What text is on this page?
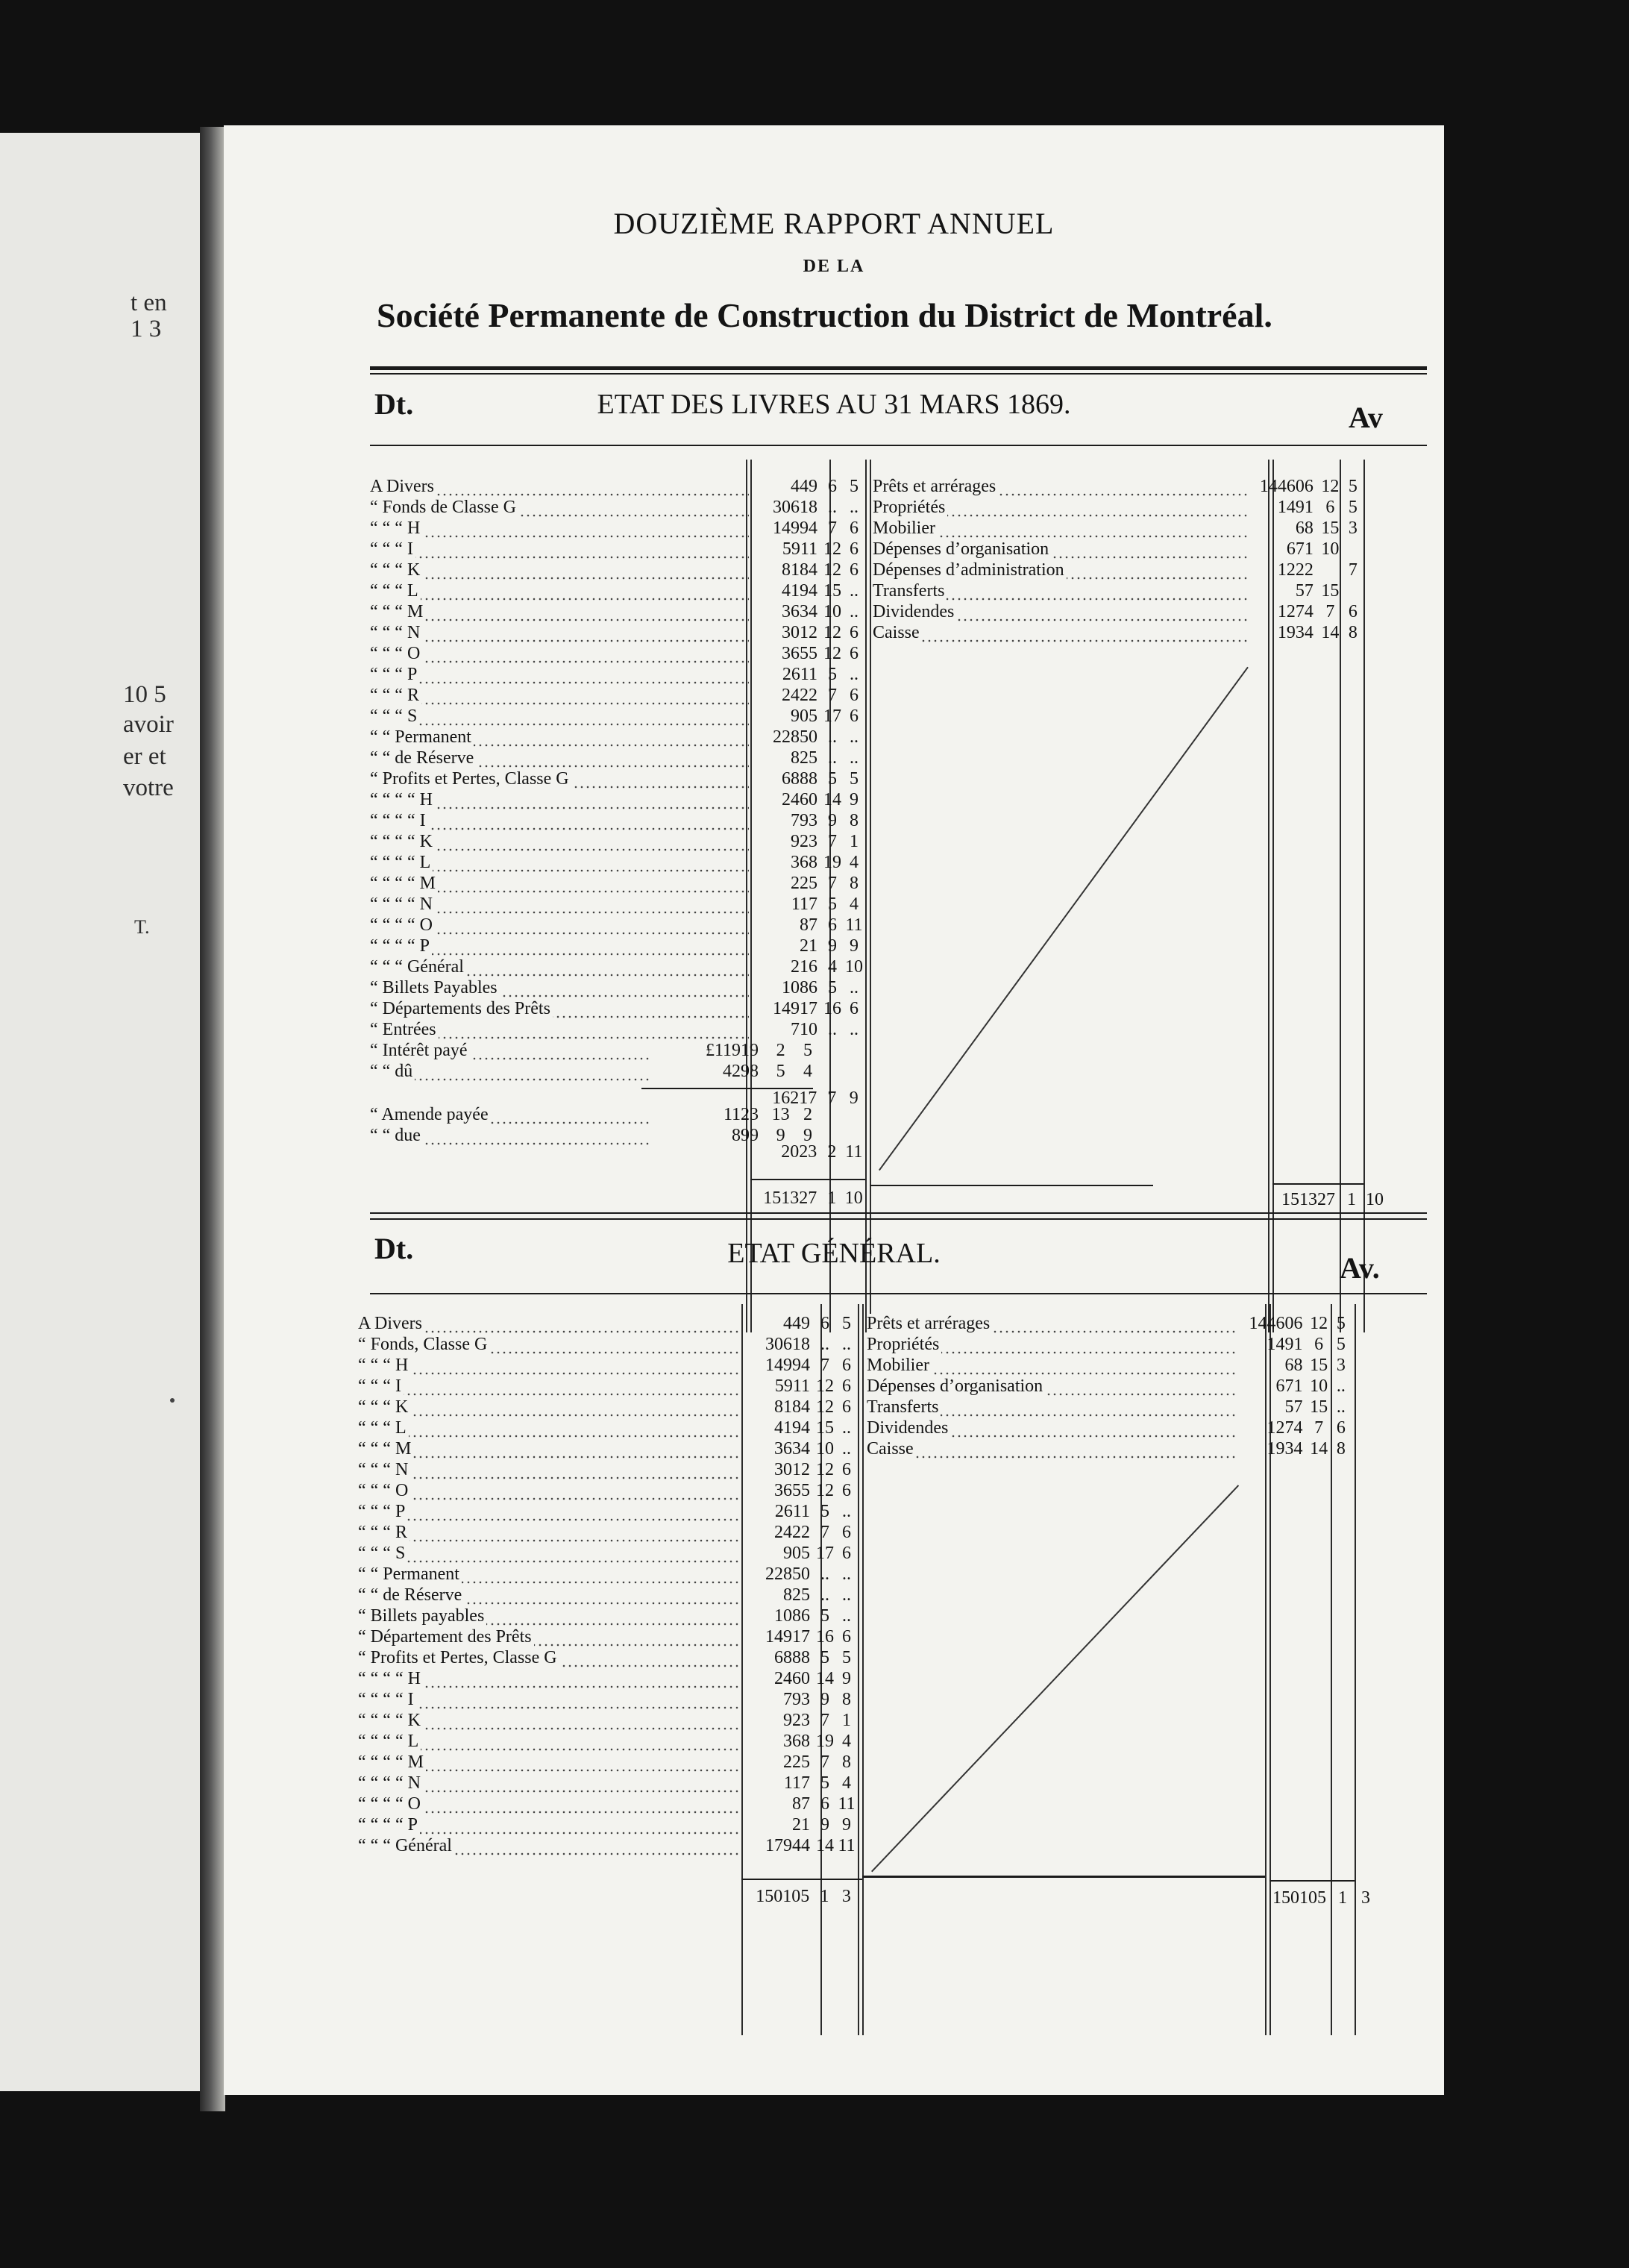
t en
1 3
10 5
avoir
er et
votre
T.
DOUZIÈME RAPPORT ANNUEL
DE LA
Société Permanente de Construction du District de Montréal.
Dt.	ETAT DES LIVRES AU 31 MARS 1869.	Av
A Divers	449	6	5
“ Fonds de Classe G	30618	..	..
“ “ “ H	14994	7	6
“ “ “ I	5911	12	6
“ “ “ K	8184	12	6
“ “ “ L	4194	15	..
“ “ “ M	3634	10	..
“ “ “ N	3012	12	6
“ “ “ O	3655	12	6
“ “ “ P	2611	5	..
“ “ “ R	2422	7	6
“ “ “ S	905	17	6
“ “ Permanent	22850	..	..
“ “ de Réserve	825	..	..
“ Profits et Pertes, Classe G	6888	5	5
“ “ “ “ H	2460	14	9
“ “ “ “ I	793	9	8
“ “ “ “ K	923	7	1
“ “ “ “ L	368	19	4
“ “ “ “ M	225	7	8
“ “ “ “ N	117	5	4
“ “ “ “ O	87	6	11
“ “ “ “ P	21	9	9
“ “ “ Général	216	4	10
“ Billets Payables	1086	5	..
“ Départements des Prêts	14917	16	6
“ Entrées	710	..	..
Prêts et arrérages	144606	12	5
Propriétés	1491	6	5
Mobilier	68	15	3
Dépenses d’organisation	671	10	
Dépenses d’administration	1222		7
Transferts	57	15	
Dividendes	1274	7	6
Caisse	1934	14	8
“ Intérêt payé	£11919	2	5
“ “ dû	4298	5	4
16217	7	9
“ Amende payée	1123	13	2
“ “ due	899	9	9
2023	2	11
151327	1	10	151327	1	10
Dt.	ETAT GÉNÉRAL.	Av.
A Divers	449	6	5
“ Fonds, Classe G	30618	..	..
“ “ “ H	14994	7	6
“ “ “ I	5911	12	6
“ “ “ K	8184	12	6
“ “ “ L	4194	15	..
“ “ “ M	3634	10	..
“ “ “ N	3012	12	6
“ “ “ O	3655	12	6
“ “ “ P	2611	5	..
“ “ “ R	2422	7	6
“ “ “ S	905	17	6
“ “ Permanent	22850	..	..
“ “ de Réserve	825	..	..
“ Billets payables	1086	5	..
“ Département des Prêts	14917	16	6
“ Profits et Pertes, Classe G	6888	5	5
“ “ “ “ H	2460	14	9
“ “ “ “ I	793	9	8
“ “ “ “ K	923	7	1
“ “ “ “ L	368	19	4
“ “ “ “ M	225	7	8
“ “ “ “ N	117	5	4
“ “ “ “ O	87	6	11
“ “ “ “ P	21	9	9
“ “ “ Général	17944	14	11
Prêts et arrérages	144606	12	5
Propriétés	1491	6	5
Mobilier	68	15	3
Dépenses d’organisation	671	10	..
Transferts	57	15	..
Dividendes	1274	7	6
Caisse	1934	14	8
150105	1	3	150105	1	3
